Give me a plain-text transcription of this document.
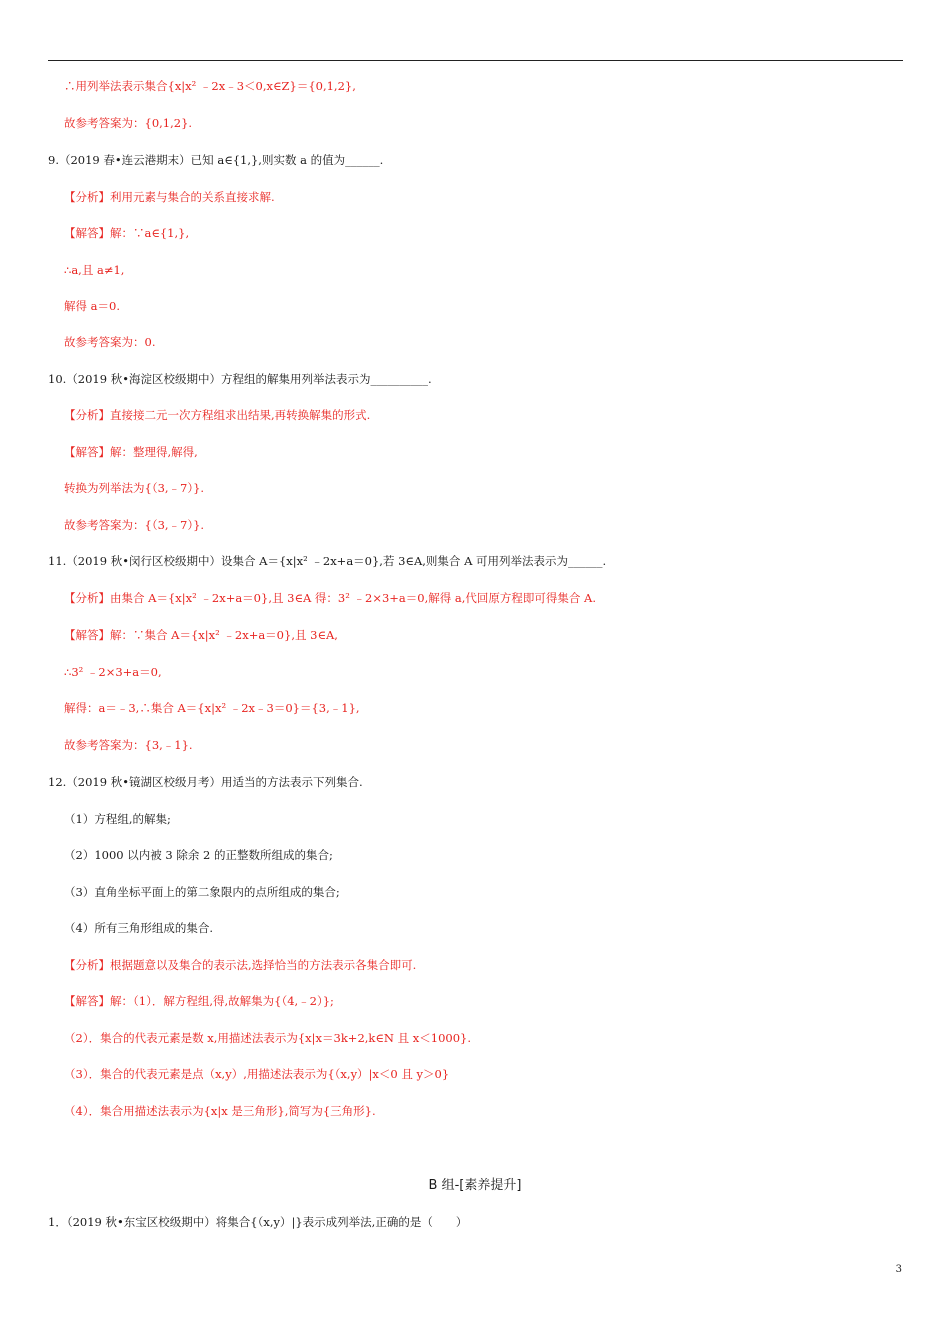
∴用列举法表示集合{x|x² ﹣2x﹣3＜0,x∈Z}＝{0,1,2},
故参考答案为：{0,1,2}.
9.（2019 春•连云港期末）已知 a∈{1,},则实数 a 的值为______.
【分析】利用元素与集合的关系直接求解.
【解答】解：∵a∈{1,},
∴a,且 a≠1,
解得 a＝0.
故参考答案为：0.
10.（2019 秋•海淀区校级期中）方程组的解集用列举法表示为__________.
【分析】直接接二元一次方程组求出结果,再转换解集的形式.
【解答】解：整理得,解得,
转换为列举法为{（3,﹣7）}.
故参考答案为：{（3,﹣7）}.
11.（2019 秋•闵行区校级期中）设集合 A＝{x|x² ﹣2x+a＝0},若 3∈A,则集合 A 可用列举法表示为______.
【分析】由集合 A＝{x|x² ﹣2x+a＝0},且 3∈A 得：3² ﹣2×3+a＝0,解得 a,代回原方程即可得集合 A.
【解答】解：∵集合 A＝{x|x² ﹣2x+a＝0},且 3∈A,
∴3² ﹣2×3+a＝0,
解得：a＝﹣3,∴集合 A＝{x|x² ﹣2x﹣3＝0}＝{3,﹣1},
故参考答案为：{3,﹣1}.
12.（2019 秋•镜湖区校级月考）用适当的方法表示下列集合.
（1）方程组,的解集;
（2）1000 以内被 3 除余 2 的正整数所组成的集合;
（3）直角坐标平面上的第二象限内的点所组成的集合;
（4）所有三角形组成的集合.
【分析】根据题意以及集合的表示法,选择恰当的方法表示各集合即可.
【解答】解：（1）．解方程组,得,故解集为{（4,﹣2）};
（2）．集合的代表元素是数 x,用描述法表示为{x|x＝3k+2,k∈N 且 x＜1000}.
（3）．集合的代表元素是点（x,y）,用描述法表示为{（x,y）|x＜0 且 y＞0}
（4）．集合用描述法表示为{x|x 是三角形},简写为{三角形}.
1．（2019 秋•东宝区校级期中）将集合{（x,y）|}表示成列举法,正确的是（　　）
B 组-[素养提升]
3
